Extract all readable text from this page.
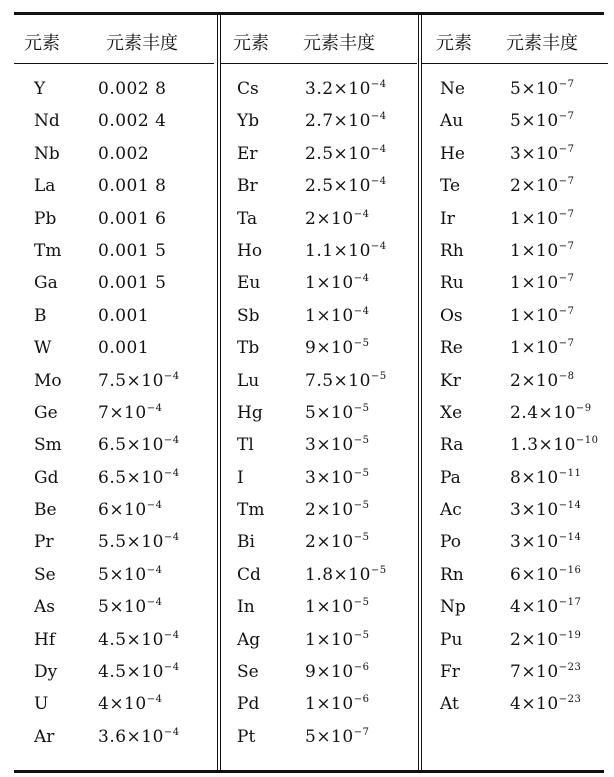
元素	元素丰度
Y	0.002 8
Nd 0.002 4
Nb 0.002
La	0.001 8
Pb 0.001 6
Tm 0.001 5
Ga 0.001 5
B	0.001
W	0.001
Mo $7.5\times 10^{-4}$
Ge $7\times 10^{-4}$
Sm $6.5\times 10^{-4}$
Gd $6.5\times 10^{-4}$
Be $6\times 10^{-4}$
Pr	$5.5\times 10^{-4}$
Se $5\times 10^{-4}$
As	$5\times 10^{-4}$
Hf	$4.5\times 10^{-4}$
Dy $4.5\times 10^{-4}$
U	$4\times 10^{-4}$
Ar	$3.6\times 10^{-4}$
元素 元素丰度
Cs	$3.2\times 10^{-4}$
Yb	$2.7\times 10^{-4}$
Er	$2.5\times 10^{-4}$
Br	$2.5\times 10^{-4}$
Ta	$2\times 10^{-4}$
Ho	$1.1\times 10^{-4}$
Eu	$1\times 10^{-4}$
Sb	$1\times 10^{-4}$
Tb	$9\times 10^{-5}$
Lu	$7.5\times 10^{-5}$
Hg $5\times 10^{-5}$
Tl	$3\times 10^{-5}$
I	$3\times 10^{-5}$
Tm $2\times 10^{-5}$
Bi	$2\times 10^{-5}$
Cd	$1.8\times 10^{-5}$
In	$1\times 10^{-5}$
Ag	$1\times 10^{-5}$
Se	$9\times 10^{-6}$
Pd	$1\times 10^{-6}$
Pt	$5\times 10^{-7}$
元素 元素丰度
Ne	$5\times 10^{-7}$
Au	$5\times 10^{-7}$
He	$3\times 10^{-7}$
Te	$2\times 10^{-7}$
Ir	$1\times 10^{-7}$
Rh	$1\times 10^{-7}$
Ru	$1\times 10^{-7}$
Os	$1\times 10^{-7}$
Re	$1\times 10^{-7}$
Kr	$2\times 10^{-8}$
Xe	$2.4\times 10^{-9}$
Ra	$1.3\times 10^{-10}$
Pa	$8\times 10^{-11}$
Ac	$3\times 10^{-14}$
Po	$3\times 10^{-14}$
Rn	$6\times 10^{-16}$
Np	$4\times 10^{-17}$
Pu	$2\times 10^{-19}$
Fr	$7\times 10^{-23}$
At	$4\times 10^{-23}$
